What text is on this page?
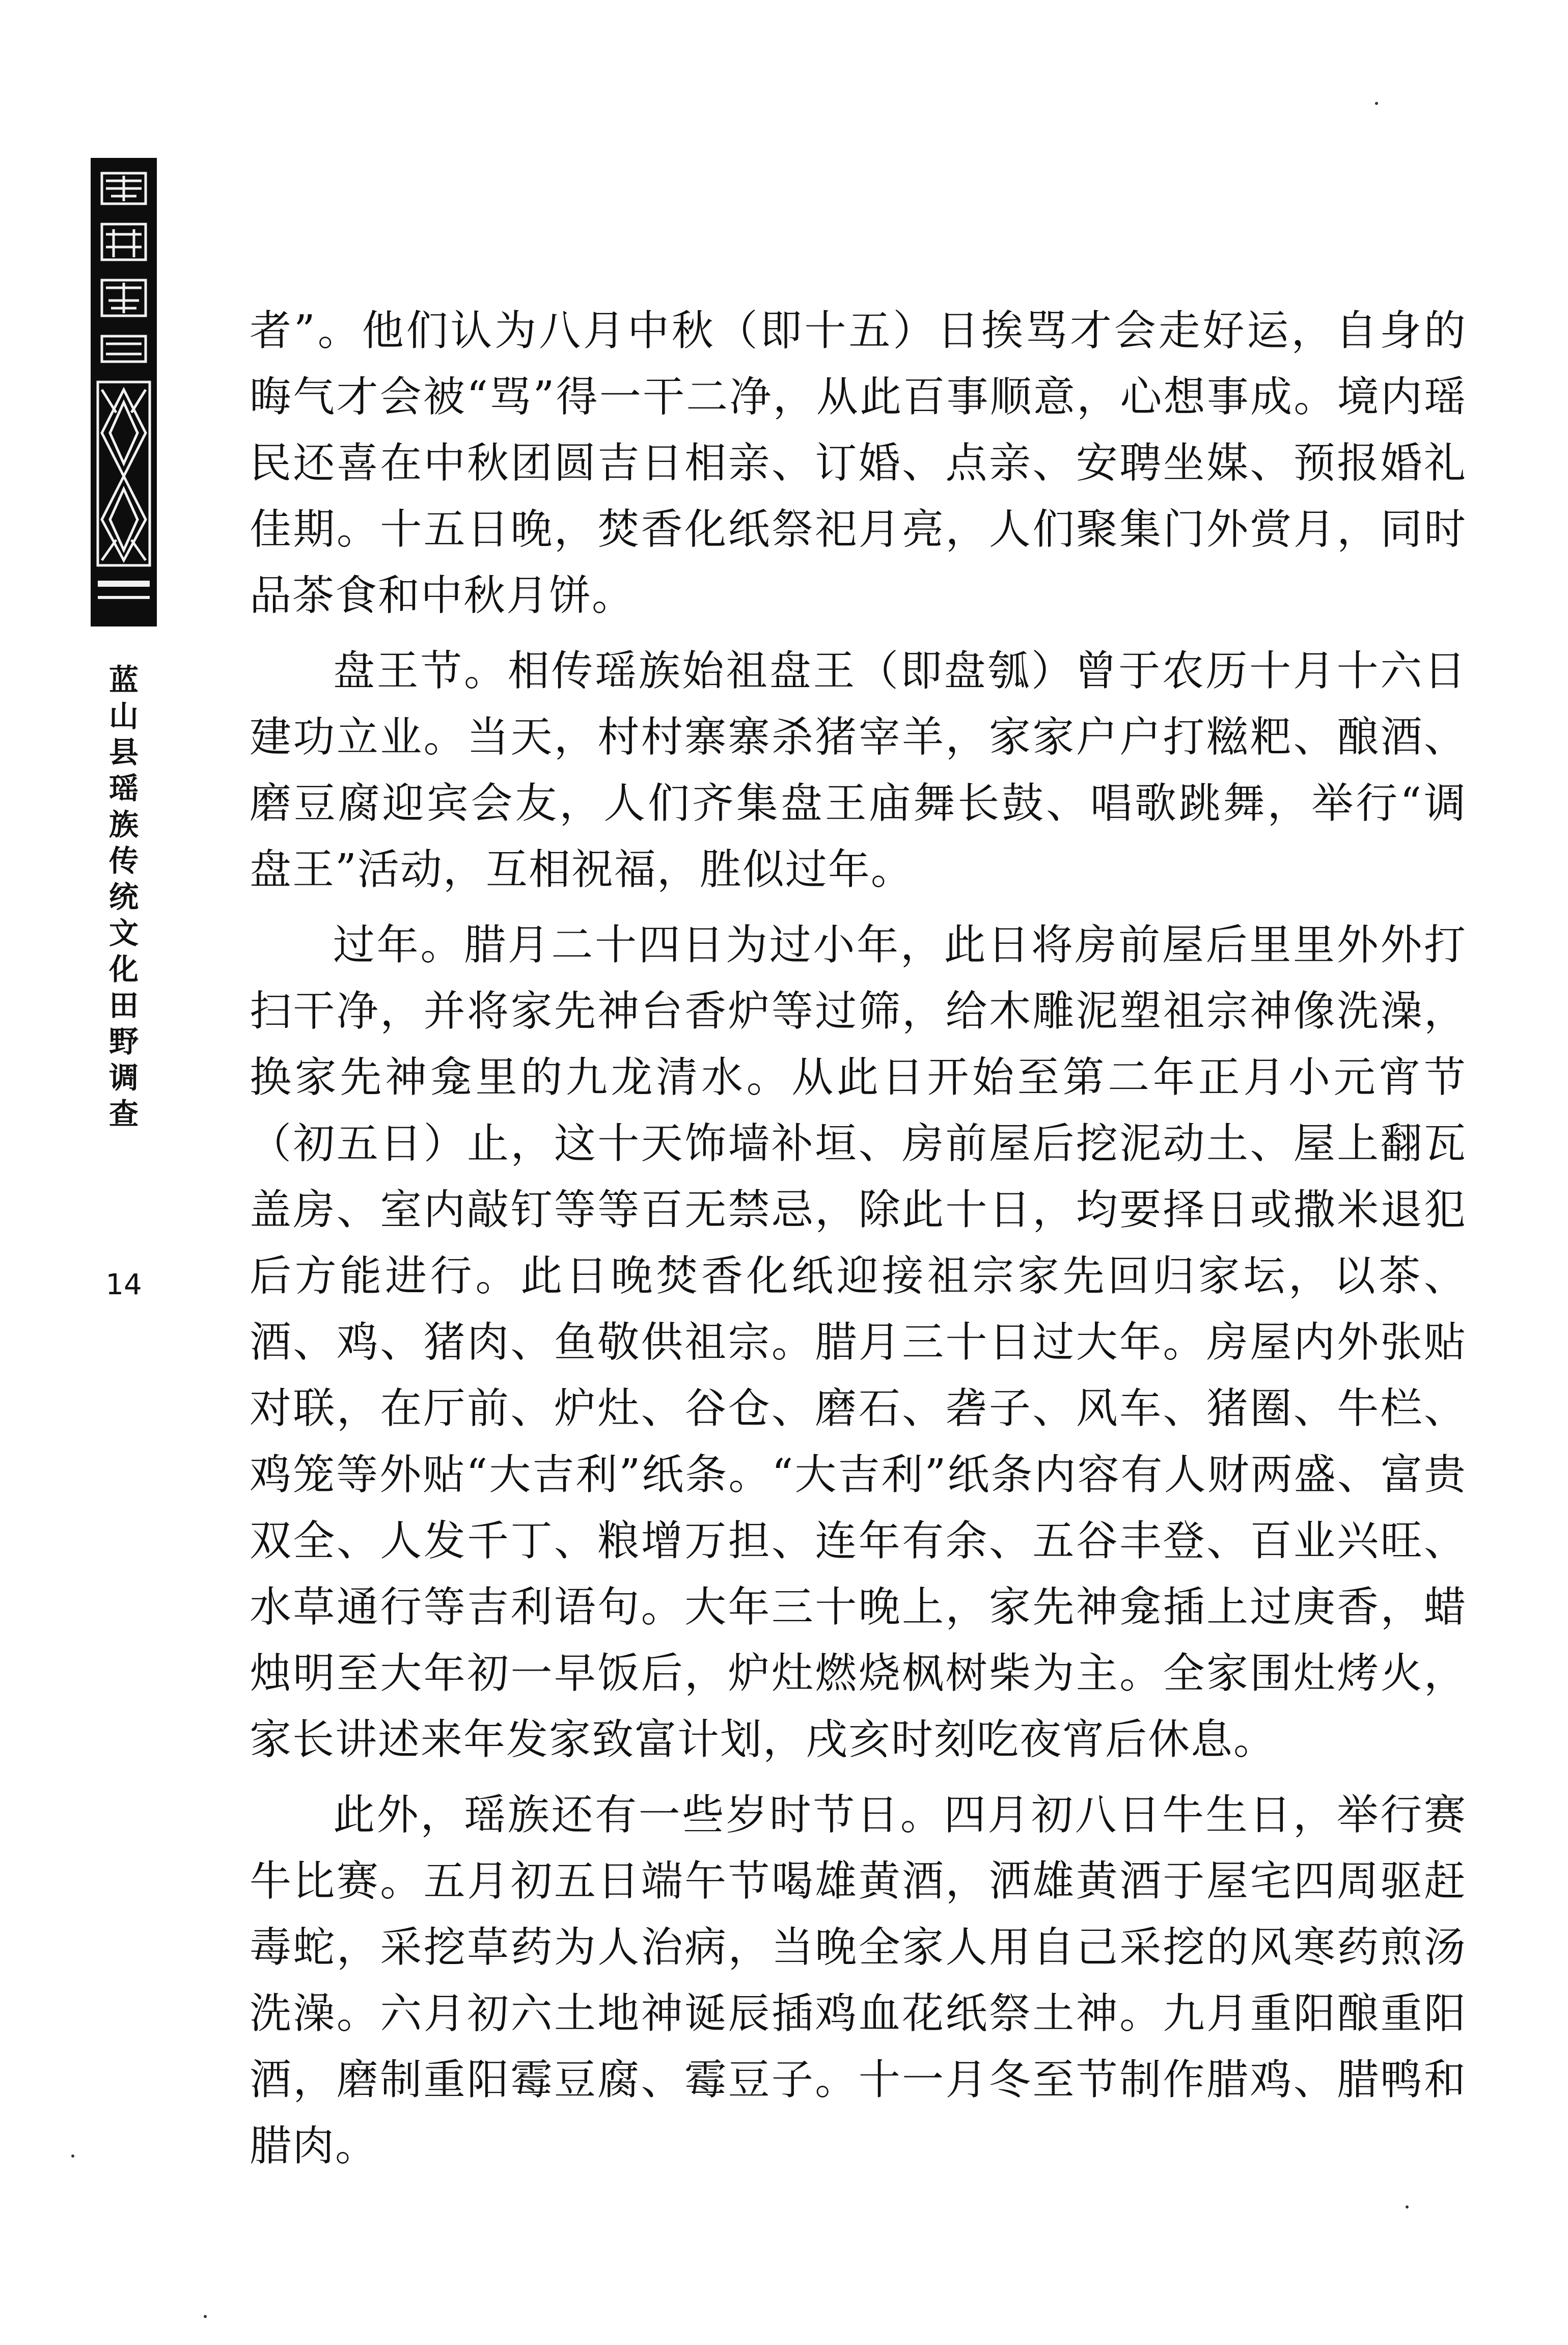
蓝
山
县
瑶
族
传
统
文
化
田
野
调
查
14

者”。他们认为八月中秋（即十五）日挨骂才会走好运，自身的晦气才会被“骂”得一干二净，从此百事顺意，心想事成。境内瑶民还喜在中秋团圆吉日相亲、订婚、点亲、安聘坐媒、预报婚礼佳期。十五日晚，焚香化纸祭祀月亮，人们聚集门外赏月，同时品茶食和中秋月饼。

盘王节。相传瑶族始祖盘王（即盘瓠）曾于农历十月十六日建功立业。当天，村村寨寨杀猪宰羊，家家户户打糍粑、酿酒、磨豆腐迎宾会友，人们齐集盘王庙舞长鼓、唱歌跳舞，举行“调盘王”活动，互相祝福，胜似过年。

过年。腊月二十四日为过小年，此日将房前屋后里里外外打扫干净，并将家先神台香炉等过筛，给木雕泥塑祖宗神像洗澡，换家先神龛里的九龙清水。从此日开始至第二年正月小元宵节（初五日）止，这十天饰墙补垣、房前屋后挖泥动土、屋上翻瓦盖房、室内敲钉等等百无禁忌，除此十日，均要择日或撒米退犯后方能进行。此日晚焚香化纸迎接祖宗家先回归家坛，以茶、酒、鸡、猪肉、鱼敬供祖宗。腊月三十日过大年。房屋内外张贴对联，在厅前、炉灶、谷仓、磨石、砻子、风车、猪圈、牛栏、鸡笼等外贴“大吉利”纸条。“大吉利”纸条内容有人财两盛、富贵双全、人发千丁、粮增万担、连年有余、五谷丰登、百业兴旺、水草通行等吉利语句。大年三十晚上，家先神龛插上过庚香，蜡烛明至大年初一早饭后，炉灶燃烧枫树柴为主。全家围灶烤火，家长讲述来年发家致富计划，戌亥时刻吃夜宵后休息。

此外，瑶族还有一些岁时节日。四月初八日牛生日，举行赛牛比赛。五月初五日端午节喝雄黄酒，洒雄黄酒于屋宅四周驱赶毒蛇，采挖草药为人治病，当晚全家人用自己采挖的风寒药煎汤洗澡。六月初六土地神诞辰插鸡血花纸祭土神。九月重阳酿重阳酒，磨制重阳霉豆腐、霉豆子。十一月冬至节制作腊鸡、腊鸭和腊肉。
